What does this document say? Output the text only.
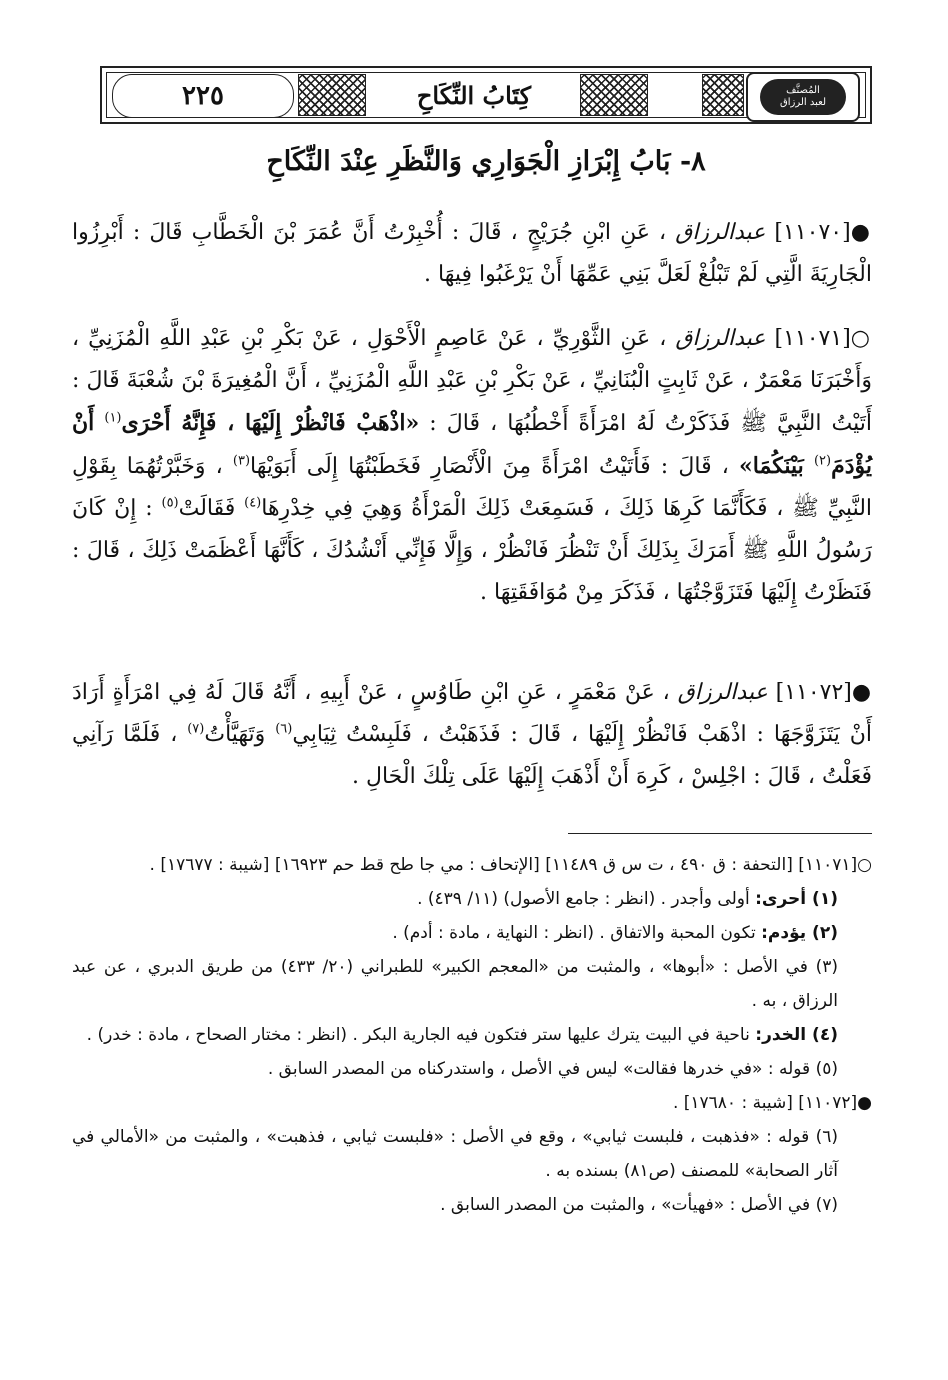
٢٢٥	كِتَابُ النِّكَاحِ	المُصنَّف
لعبد الرزاق
٨- بَابُ إِبْرَازِ الْجَوَارِي وَالنَّظَرِ عِنْدَ النِّكَاحِ

●[١١٠٧٠] عبدالرزاق ، عَنِ ابْنِ جُرَيْجٍ ، قَالَ : أُخْبِرْتُ أَنَّ عُمَرَ بْنَ الْخَطَّابِ قَالَ : أَبْرِزُوا الْجَارِيَةَ الَّتِي لَمْ تَبْلُغْ لَعَلَّ بَنِي عَمِّهَا أَنْ يَرْغَبُوا فِيهَا .

○[١١٠٧١] عبدالرزاق ، عَنِ الثَّوْرِيِّ ، عَنْ عَاصِمٍ الْأَحْوَلِ ، عَنْ بَكْرِ بْنِ عَبْدِ اللَّهِ الْمُزَنِيِّ ، وَأَخْبَرَنَا مَعْمَرٌ ، عَنْ ثَابِتٍ الْبُنَانِيِّ ، عَنْ بَكْرِ بْنِ عَبْدِ اللَّهِ الْمُزَنِيِّ ، أَنَّ الْمُغِيرَةَ بْنَ شُعْبَةَ قَالَ : أَتَيْتُ النَّبِيَّ ﷺ فَذَكَرْتُ لَهُ امْرَأَةً أَخْطُبُهَا ، قَالَ : «اذْهَبْ فَانْظُرْ إِلَيْهَا ، فَإِنَّهُ أَحْرَى$^{(١)}$ أَنْ يُؤْدَمَ$^{(٢)}$ بَيْنَكُمَا» ، قَالَ : فَأَتَيْتُ امْرَأَةً مِنَ الْأَنْصَارِ فَخَطَبْتُهَا إِلَى أَبَوَيْهَا$^{(٣)}$ ، وَخَبَّرْتُهُمَا بِقَوْلِ النَّبِيِّ ﷺ ، فَكَأَنَّمَا كَرِهَا ذَلِكَ ، فَسَمِعَتْ ذَلِكَ الْمَرْأَةُ وَهِيَ فِي خِدْرِهَا$^{(٤)}$ فَقَالَتْ$^{(٥)}$ : إِنْ كَانَ رَسُولُ اللَّهِ ﷺ أَمَرَكَ بِذَلِكَ أَنْ تَنْظُرَ فَانْظُرْ ، وَإِلَّا فَإِنِّي أَنْشُدُكَ ، كَأَنَّهَا أَعْظَمَتْ ذَلِكَ ، قَالَ : فَنَظَرْتُ إِلَيْهَا فَتَزَوَّجْتُهَا ، فَذَكَرَ مِنْ مُوَافَقَتِهَا .

●[١١٠٧٢] عبدالرزاق ، عَنْ مَعْمَرٍ ، عَنِ ابْنِ طَاوُسٍ ، عَنْ أَبِيهِ ، أَنَّهُ قَالَ لَهُ فِي امْرَأَةٍ أَرَادَ أَنْ يَتَزَوَّجَهَا : اذْهَبْ فَانْظُرْ إِلَيْهَا ، قَالَ : فَذَهَبْتُ ، فَلَبِسْتُ ثِيَابِي$^{(٦)}$ وَتَهَيَّأْتُ$^{(٧)}$ ، فَلَمَّا رَآنِي فَعَلْتُ ، قَالَ : اجْلِسْ ، كَرِهَ أَنْ أَذْهَبَ إِلَيْهَا عَلَى تِلْكَ الْحَالِ .

○[١١٠٧١] [التحفة : ق ٤٩٠ ، ت س ق ١١٤٨٩] [الإتحاف : مي جا طح قط حم ١٦٩٢٣] [شيبة : ١٧٦٧٧] .

(١) أحرى: أولى وأجدر . (انظر : جامع الأصول) (١١/ ٤٣٩) .

(٢) يؤدم: تكون المحبة والاتفاق . (انظر : النهاية ، مادة : أدم) .

(٣) في الأصل : «أبوها» ، والمثبت من «المعجم الكبير» للطبراني (٢٠/ ٤٣٣) من طريق الدبري ، عن عبد الرزاق ، به .

(٤) الخدر: ناحية في البيت يترك عليها ستر فتكون فيه الجارية البكر . (انظر : مختار الصحاح ، مادة : خدر) .

(٥) قوله : «في خدرها فقالت» ليس في الأصل ، واستدركناه من المصدر السابق .

●[١١٠٧٢] [شيبة : ١٧٦٨٠] .

(٦) قوله : «فذهبت ، فلبست ثيابي» ، وقع في الأصل : «فلبست ثيابي ، فذهبت» ، والمثبت من «الأمالي في آثار الصحابة» للمصنف (ص٨١) بسنده به .

(٧) في الأصل : «فهيأت» ، والمثبت من المصدر السابق .
